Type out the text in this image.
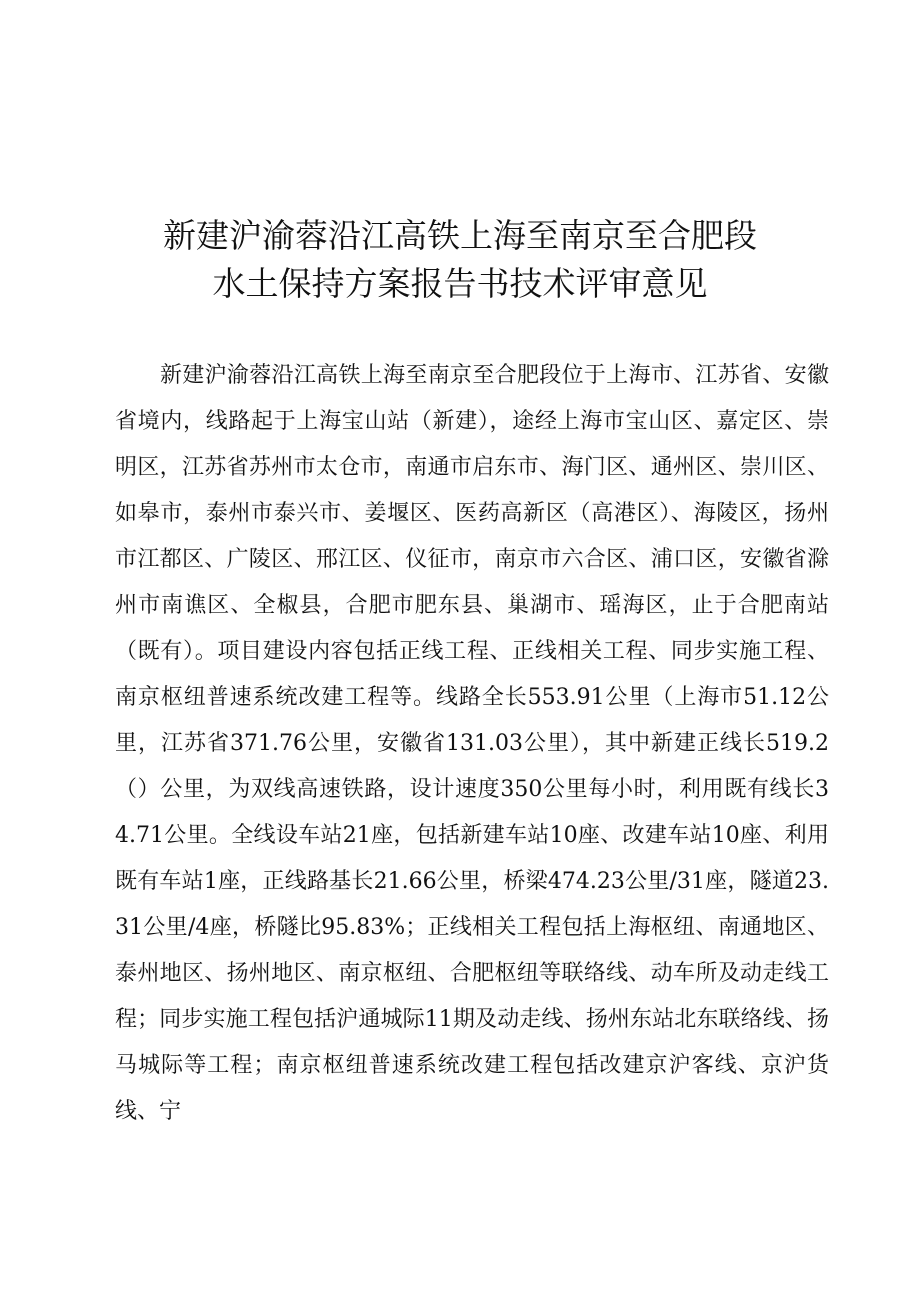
新建沪渝蓉沿江高铁上海至南京至合肥段
水土保持方案报告书技术评审意见

新建沪渝蓉沿江高铁上海至南京至合肥段位于上海市、江苏省、安徽省境内，线路起于上海宝山站（新建），途经上海市宝山区、嘉定区、崇明区，江苏省苏州市太仓市，南通市启东市、海门区、通州区、崇川区、如皋市，泰州市泰兴市、姜堰区、医药高新区（高港区）、海陵区，扬州市江都区、广陵区、邢江区、仪征市，南京市六合区、浦口区，安徽省滁州市南谯区、全椒县，合肥市肥东县、巢湖市、瑶海区，止于合肥南站（既有）。项目建设内容包括正线工程、正线相关工程、同步实施工程、南京枢纽普速系统改建工程等。线路全长553.91公里（上海市51.12公里，江苏省371.76公里，安徽省131.03公里），其中新建正线长519.2（）公里，为双线高速铁路，设计速度350公里每小时，利用既有线长34.71公里。全线设车站21座，包括新建车站10座、改建车站10座、利用既有车站1座，正线路基长21.66公里，桥梁474.23公里/31座，隧道23.31公里/4座，桥隧比95.83%；正线相关工程包括上海枢纽、南通地区、泰州地区、扬州地区、南京枢纽、合肥枢纽等联络线、动车所及动走线工程；同步实施工程包括沪通城际11期及动走线、扬州东站北东联络线、扬马城际等工程；南京枢纽普速系统改建工程包括改建京沪客线、京沪货线、宁
